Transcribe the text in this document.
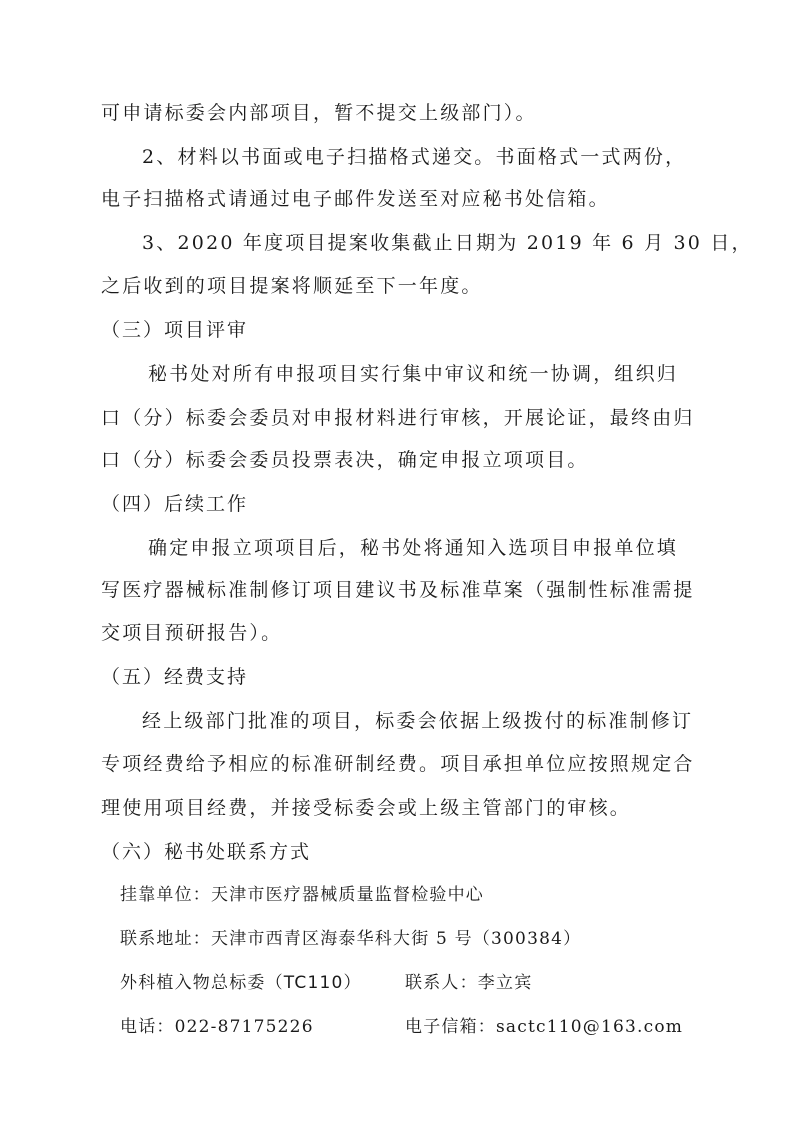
可申请标委会内部项目，暂不提交上级部门）。
2、材料以书面或电子扫描格式递交。书面格式一式两份，
电子扫描格式请通过电子邮件发送至对应秘书处信箱。
3、2020 年度项目提案收集截止日期为 2019 年 6 月 30 日，
之后收到的项目提案将顺延至下一年度。
（三）项目评审
秘书处对所有申报项目实行集中审议和统一协调，组织归
口（分）标委会委员对申报材料进行审核，开展论证，最终由归
口（分）标委会委员投票表决，确定申报立项项目。
（四）后续工作
确定申报立项项目后，秘书处将通知入选项目申报单位填
写医疗器械标准制修订项目建议书及标准草案（强制性标准需提
交项目预研报告）。
（五）经费支持
经上级部门批准的项目，标委会依据上级拨付的标准制修订
专项经费给予相应的标准研制经费。项目承担单位应按照规定合
理使用项目经费，并接受标委会或上级主管部门的审核。
（六）秘书处联系方式
挂靠单位：天津市医疗器械质量监督检验中心
联系地址：天津市西青区海泰华科大街 5 号（300384）
外科植入物总标委（TC110）	联系人：李立宾
电话：022-87175226	电子信箱：sactc110@163.com
